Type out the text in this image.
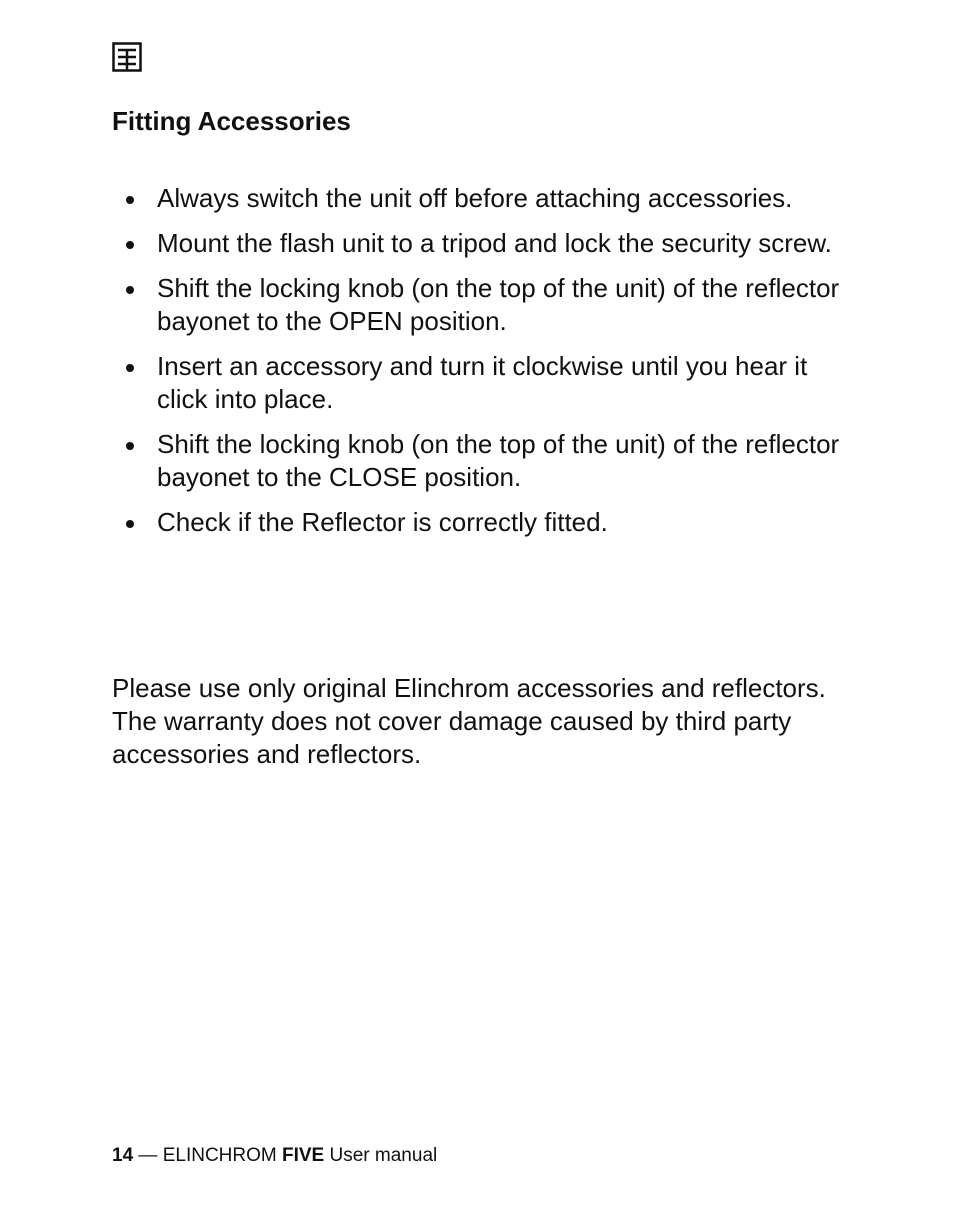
Fitting Accessories
Always switch the unit off before attaching accessories.
Mount the flash unit to a tripod and lock the security screw.
Shift the locking knob (on the top of the unit) of the reflector bayonet to the OPEN position.
Insert an accessory and turn it clockwise until you hear it click into place.
Shift the locking knob (on the top of the unit) of the reflector bayonet to the CLOSE position.
Check if the Reflector is correctly fitted.

Please use only original Elinchrom accessories and reflectors. The warranty does not cover damage caused by third party accessories and reflectors.

14 — ELINCHROM FIVE User manual
